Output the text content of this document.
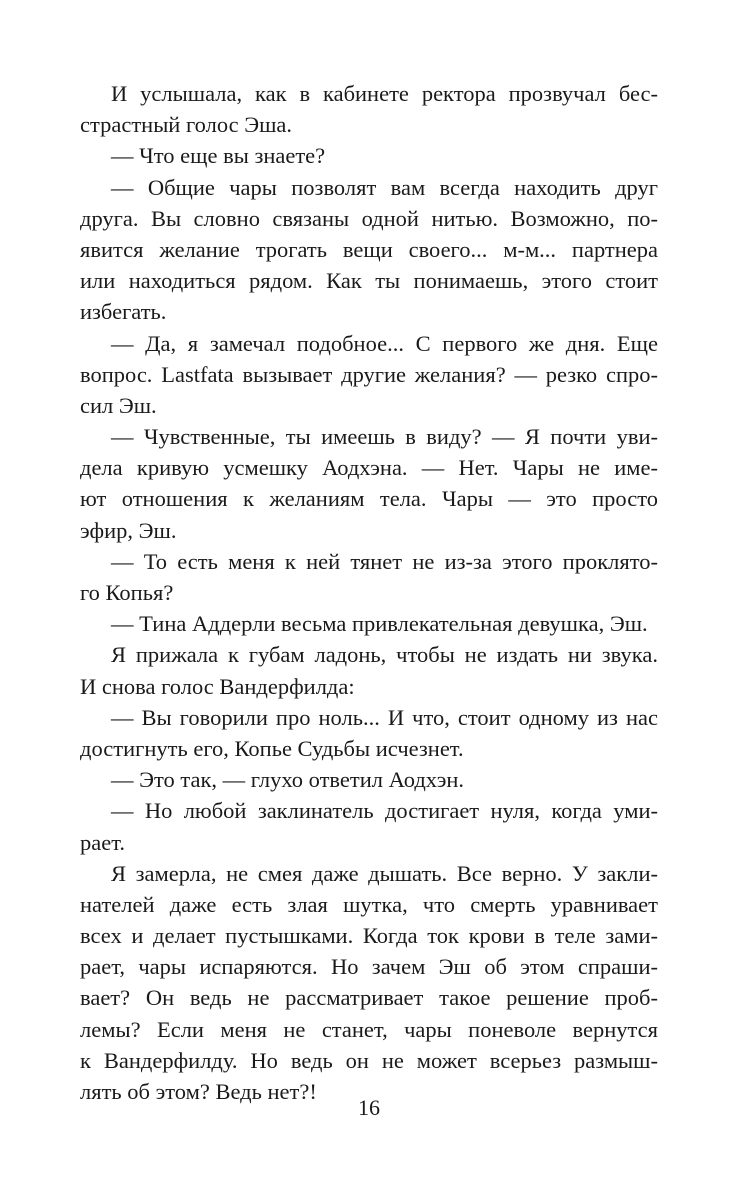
И услышала, как в кабинете ректора прозвучал бес-
страстный голос Эша.
— Что еще вы знаете?
— Общие чары позволят вам всегда находить друг
друга. Вы словно связаны одной нитью. Возможно, по-
явится желание трогать вещи своего... м-м... партнера
или находиться рядом. Как ты понимаешь, этого стоит
избегать.
— Да, я замечал подобное... С первого же дня. Еще
вопрос. Lastfata вызывает другие желания? — резко спро-
сил Эш.
— Чувственные, ты имеешь в виду? — Я почти уви-
дела кривую усмешку Аодхэна. — Нет. Чары не име-
ют отношения к желаниям тела. Чары — это просто
эфир, Эш.
— То есть меня к ней тянет не из-за этого проклято-
го Копья?
— Тина Аддерли весьма привлекательная девушка, Эш.
Я прижала к губам ладонь, чтобы не издать ни звука.
И снова голос Вандерфилда:
— Вы говорили про ноль... И что, стоит одному из нас
достигнуть его, Копье Судьбы исчезнет.
— Это так, — глухо ответил Аодхэн.
— Но любой заклинатель достигает нуля, когда уми-
рает.
Я замерла, не смея даже дышать. Все верно. У закли-
нателей даже есть злая шутка, что смерть уравнивает
всех и делает пустышками. Когда ток крови в теле зами-
рает, чары испаряются. Но зачем Эш об этом спраши-
вает? Он ведь не рассматривает такое решение проб-
лемы? Если меня не станет, чары поневоле вернутся
к Вандерфилду. Но ведь он не может всерьез размыш-
лять об этом? Ведь нет?!
16
